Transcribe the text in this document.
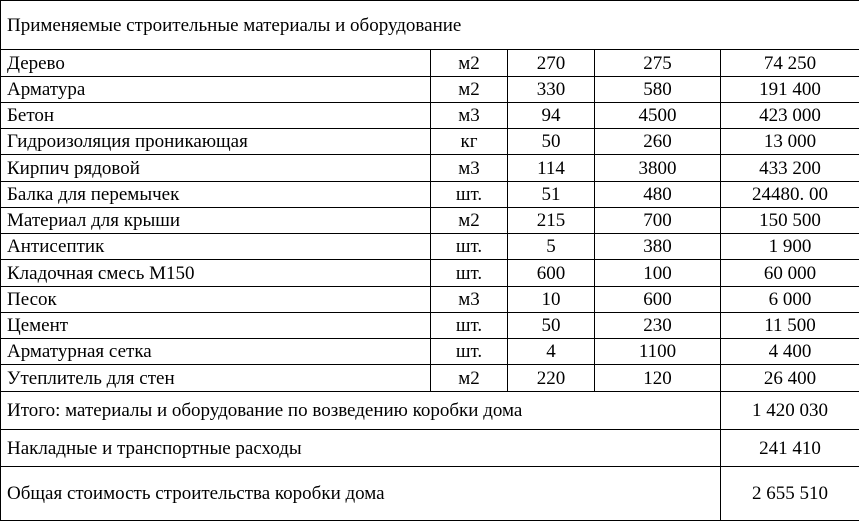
Применяемые строительные материалы и оборудование				
Дерево	м2	270	275	74 250
Арматура	м2	330	580	191 400
Бетон	м3	94	4500	423 000
Гидроизоляция проникающая	кг	50	260	13 000
Кирпич рядовой	м3	114	3800	433 200
Балка для перемычек	шт.	51	480	24480. 00
Материал для крыши	м2	215	700	150 500
Антисептик	шт.	5	380	1 900
Кладочная смесь М150	шт.	600	100	60 000
Песок	м3	10	600	6 000
Цемент	шт.	50	230	11 500
Арматурная сетка	шт.	4	1100	4 400
Утеплитель для стен	м2	220	120	26 400
Итого: материалы и оборудование по возведению коробки дома				1 420 030
Накладные и транспортные расходы				241 410
Общая стоимость строительства коробки дома				2 655 510
